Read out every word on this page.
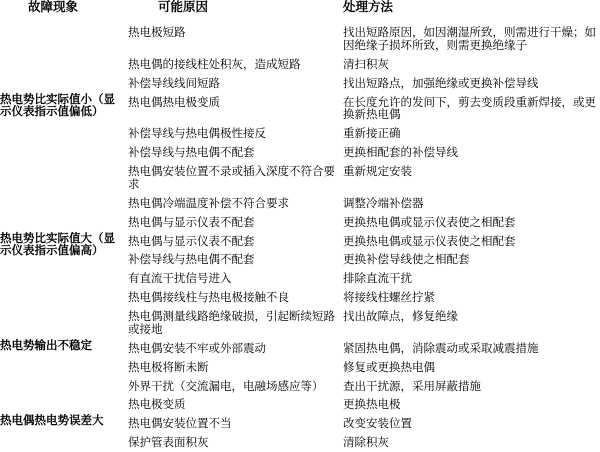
故障现象	可能原因	处理方法

	热电极短路	找出短路原因，如因潮湿所致，则需进行干燥；如因绝缘子损坏所致，则需更换绝缘子
	热电偶的接线柱处积灰，造成短路	清扫积灰
	补偿导线线间短路	找出短路点，加强绝缘或更换补偿导线

热电势比实际值小（显示仪表指示值偏低）	热电偶热电极变质	在长度允许的发间下，剪去变质段重新焊接，或更换新热电偶
	补偿导线与热电偶极性接反	重新接正确
	补偿导线与热电偶不配套	更换相配套的补偿导线
	热电偶安装位置不录或插入深度不符合要求	重新规定安装
	热电偶冷端温度补偿不符合要求	调整冷端补偿器
	热电偶与显示仪表不配套	更换热电偶或显示仪表使之相配套

热电势比实际值大（显示仪表指示值偏高）	热电偶与显示仪表不配套	更换热电偶或显示仪表使之相配套
	补偿导线与热电偶不配套	更换补偿导线使之相配套
	有直流干扰信号进入	排除直流干扰
	热电偶接线柱与热电极接触不良	将接线柱螺丝拧紧
	热电偶测量线路绝缘破损，引起断续短路或接地	找出故障点，修复绝缘

热电势输出不稳定	热电偶安装不牢或外部震动	紧固热电偶，消除震动或采取减震措施
	热电极将断未断	修复或更换热电偶
	外界干扰（交流漏电，电融场感应等）	查出干扰源，采用屏蔽措施
	热电极变质	更换热电极

热电偶热电势误差大	热电偶安装位置不当	改变安装位置
	保护管表面积灰	清除积灰
